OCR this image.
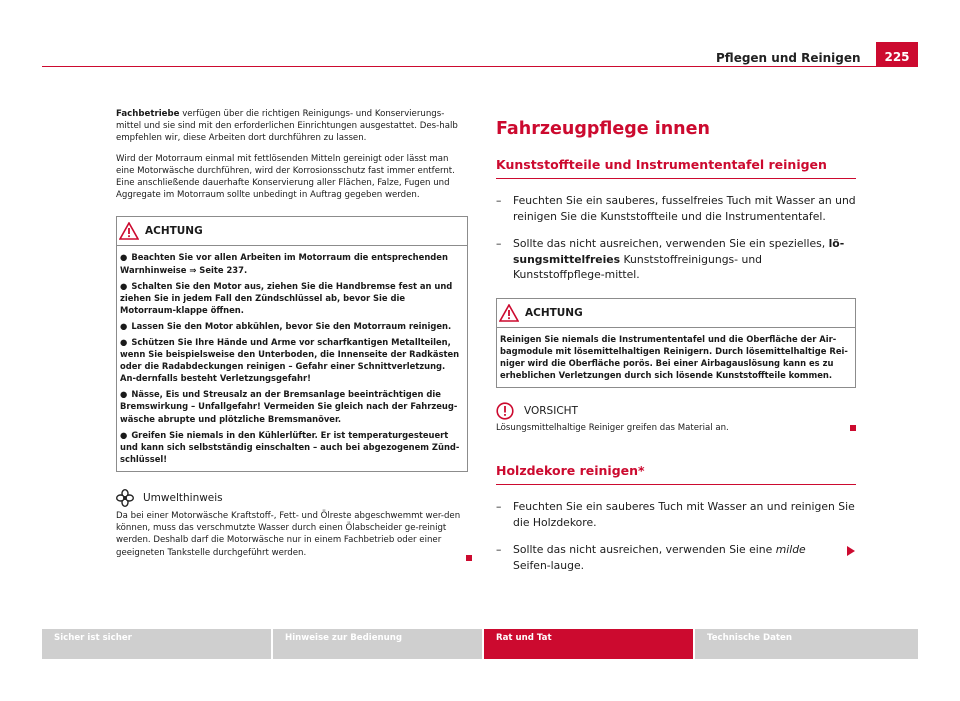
Pflegen und Reinigen	225

Fachbetriebe verfügen über die richtigen Reinigungs- und Konservierungs-mittel und sie sind mit den erforderlichen Einrichtungen ausgestattet. Des-halb empfehlen wir, diese Arbeiten dort durchführen zu lassen.

Wird der Motorraum einmal mit fettlösenden Mitteln gereinigt oder lässt man eine Motorwäsche durchführen, wird der Korrosionsschutz fast immer entfernt. Eine anschließende dauerhafte Konservierung aller Flächen, Falze, Fugen und Aggregate im Motorraum sollte unbedingt in Auftrag gegeben werden.

ACHTUNG

● Beachten Sie vor allen Arbeiten im Motorraum die entsprechenden Warnhinweise ⇒ Seite 237.

● Schalten Sie den Motor aus, ziehen Sie die Handbremse fest an und ziehen Sie in jedem Fall den Zündschlüssel ab, bevor Sie die Motorraum-klappe öffnen.

● Lassen Sie den Motor abkühlen, bevor Sie den Motorraum reinigen.

● Schützen Sie Ihre Hände und Arme vor scharfkantigen Metallteilen, wenn Sie beispielsweise den Unterboden, die Innenseite der Radkästen oder die Radabdeckungen reinigen – Gefahr einer Schnittverletzung. An-dernfalls besteht Verletzungsgefahr!

● Nässe, Eis und Streusalz an der Bremsanlage beeinträchtigen die Bremswirkung – Unfallgefahr! Vermeiden Sie gleich nach der Fahrzeug-wäsche abrupte und plötzliche Bremsmanöver.

● Greifen Sie niemals in den Kühlerlüfter. Er ist temperaturgesteuert und kann sich selbstständig einschalten – auch bei abgezogenem Zünd-schlüssel!

Umwelthinweis

Da bei einer Motorwäsche Kraftstoff-, Fett- und Ölreste abgeschwemmt wer-den können, muss das verschmutzte Wasser durch einen Ölabscheider ge-reinigt werden. Deshalb darf die Motorwäsche nur in einem Fachbetrieb oder einer geeigneten Tankstelle durchgeführt werden.

Fahrzeugpflege innen
Kunststoffteile und Instrumententafel reinigen
–	Feuchten Sie ein sauberes, fusselfreies Tuch mit Wasser an und reinigen Sie die Kunststoffteile und die Instrumententafel.
–	Sollte das nicht ausreichen, verwenden Sie ein spezielles, lö-sungsmittelfreies Kunststoffreinigungs- und Kunststoffpflege-mittel.
ACHTUNG

Reinigen Sie niemals die Instrumententafel und die Oberfläche der Air-bagmodule mit lösemittelhaltigen Reinigern. Durch lösemittelhaltige Rei-niger wird die Oberfläche porös. Bei einer Airbagauslösung kann es zu erheblichen Verletzungen durch sich lösende Kunststoffteile kommen.

VORSICHT
Lösungsmittelhaltige Reiniger greifen das Material an.
Holzdekore reinigen*
–	Feuchten Sie ein sauberes Tuch mit Wasser an und reinigen Sie die Holzdekore.
–	Sollte das nicht ausreichen, verwenden Sie eine milde Seifen-lauge.
Sicher ist sicher	Hinweise zur Bedienung	Rat und Tat	Technische Daten
